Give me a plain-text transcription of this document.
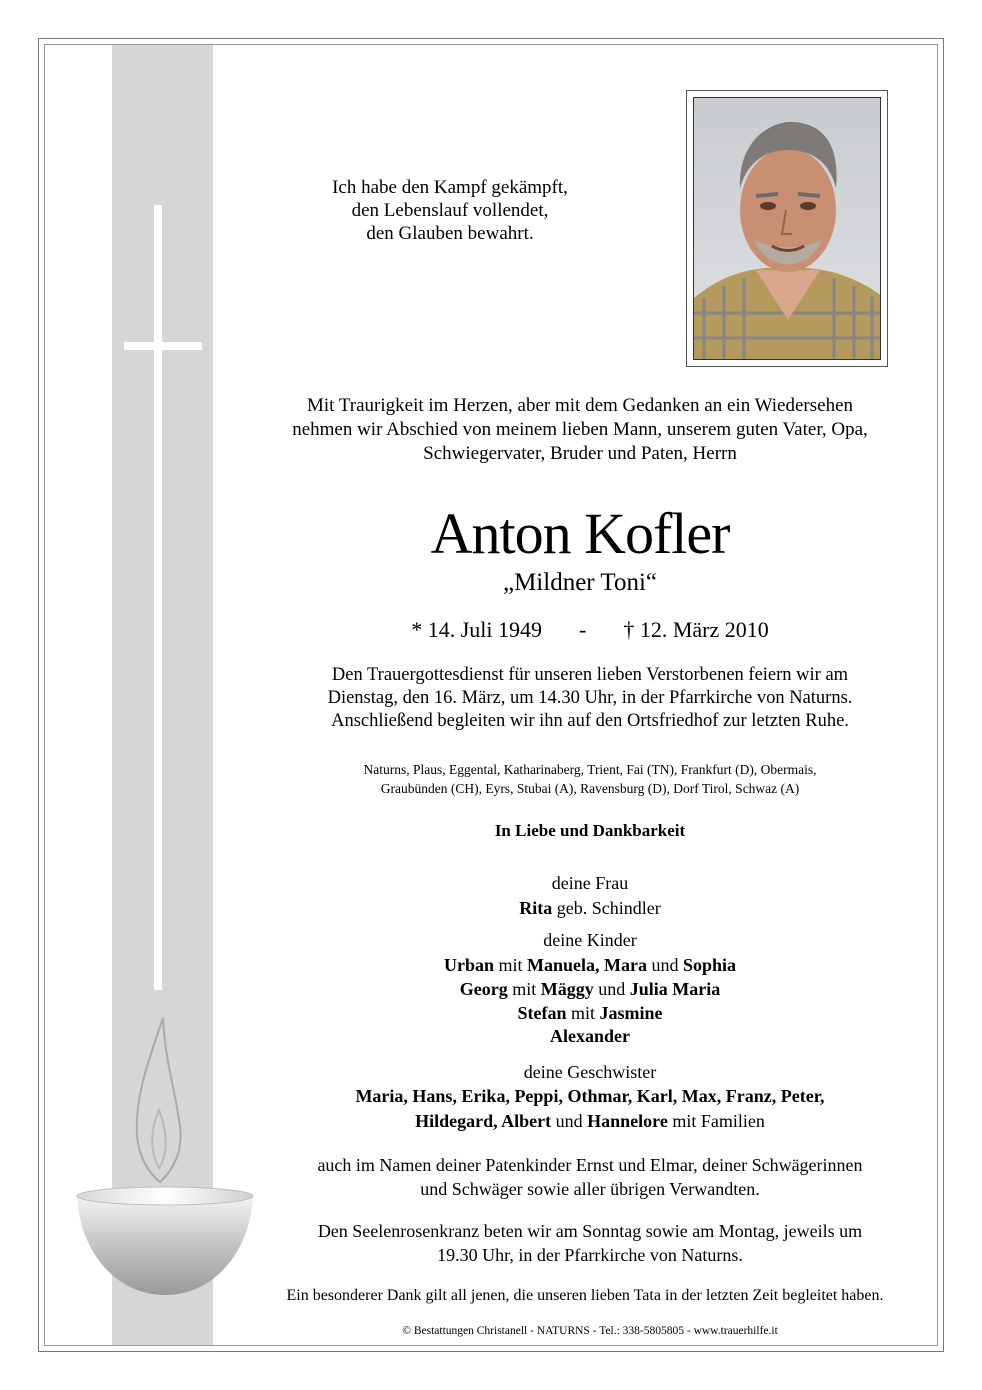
Ich habe den Kampf gekämpft,
den Lebenslauf vollendet,
den Glauben bewahrt.
Mit Traurigkeit im Herzen, aber mit dem Gedanken an ein Wiedersehen
nehmen wir Abschied von meinem lieben Mann, unserem guten Vater, Opa,
Schwiegervater, Bruder und Paten, Herrn
Anton Kofler
„Mildner Toni“
* 14. Juli 1949 - † 12. März 2010
Den Trauergottesdienst für unseren lieben Verstorbenen feiern wir am
Dienstag, den 16. März, um 14.30 Uhr, in der Pfarrkirche von Naturns.
Anschließend begleiten wir ihn auf den Ortsfriedhof zur letzten Ruhe.
Naturns, Plaus, Eggental, Katharinaberg, Trient, Fai (TN), Frankfurt (D), Obermais,
Graubünden (CH), Eyrs, Stubai (A), Ravensburg (D), Dorf Tirol, Schwaz (A)
In Liebe und Dankbarkeit
deine Frau
Rita geb. Schindler
deine Kinder
Urban mit Manuela, Mara und Sophia
Georg mit Mäggy und Julia Maria
Stefan mit Jasmine
Alexander
deine Geschwister
Maria, Hans, Erika, Peppi, Othmar, Karl, Max, Franz, Peter,
Hildegard, Albert und Hannelore mit Familien
auch im Namen deiner Patenkinder Ernst und Elmar, deiner Schwägerinnen
und Schwäger sowie aller übrigen Verwandten.
Den Seelenrosenkranz beten wir am Sonntag sowie am Montag, jeweils um
19.30 Uhr, in der Pfarrkirche von Naturns.
Ein besonderer Dank gilt all jenen, die unseren lieben Tata in der letzten Zeit begleitet haben.
© Bestattungen Christanell - NATURNS - Tel.: 338-5805805 - www.trauerhilfe.it
